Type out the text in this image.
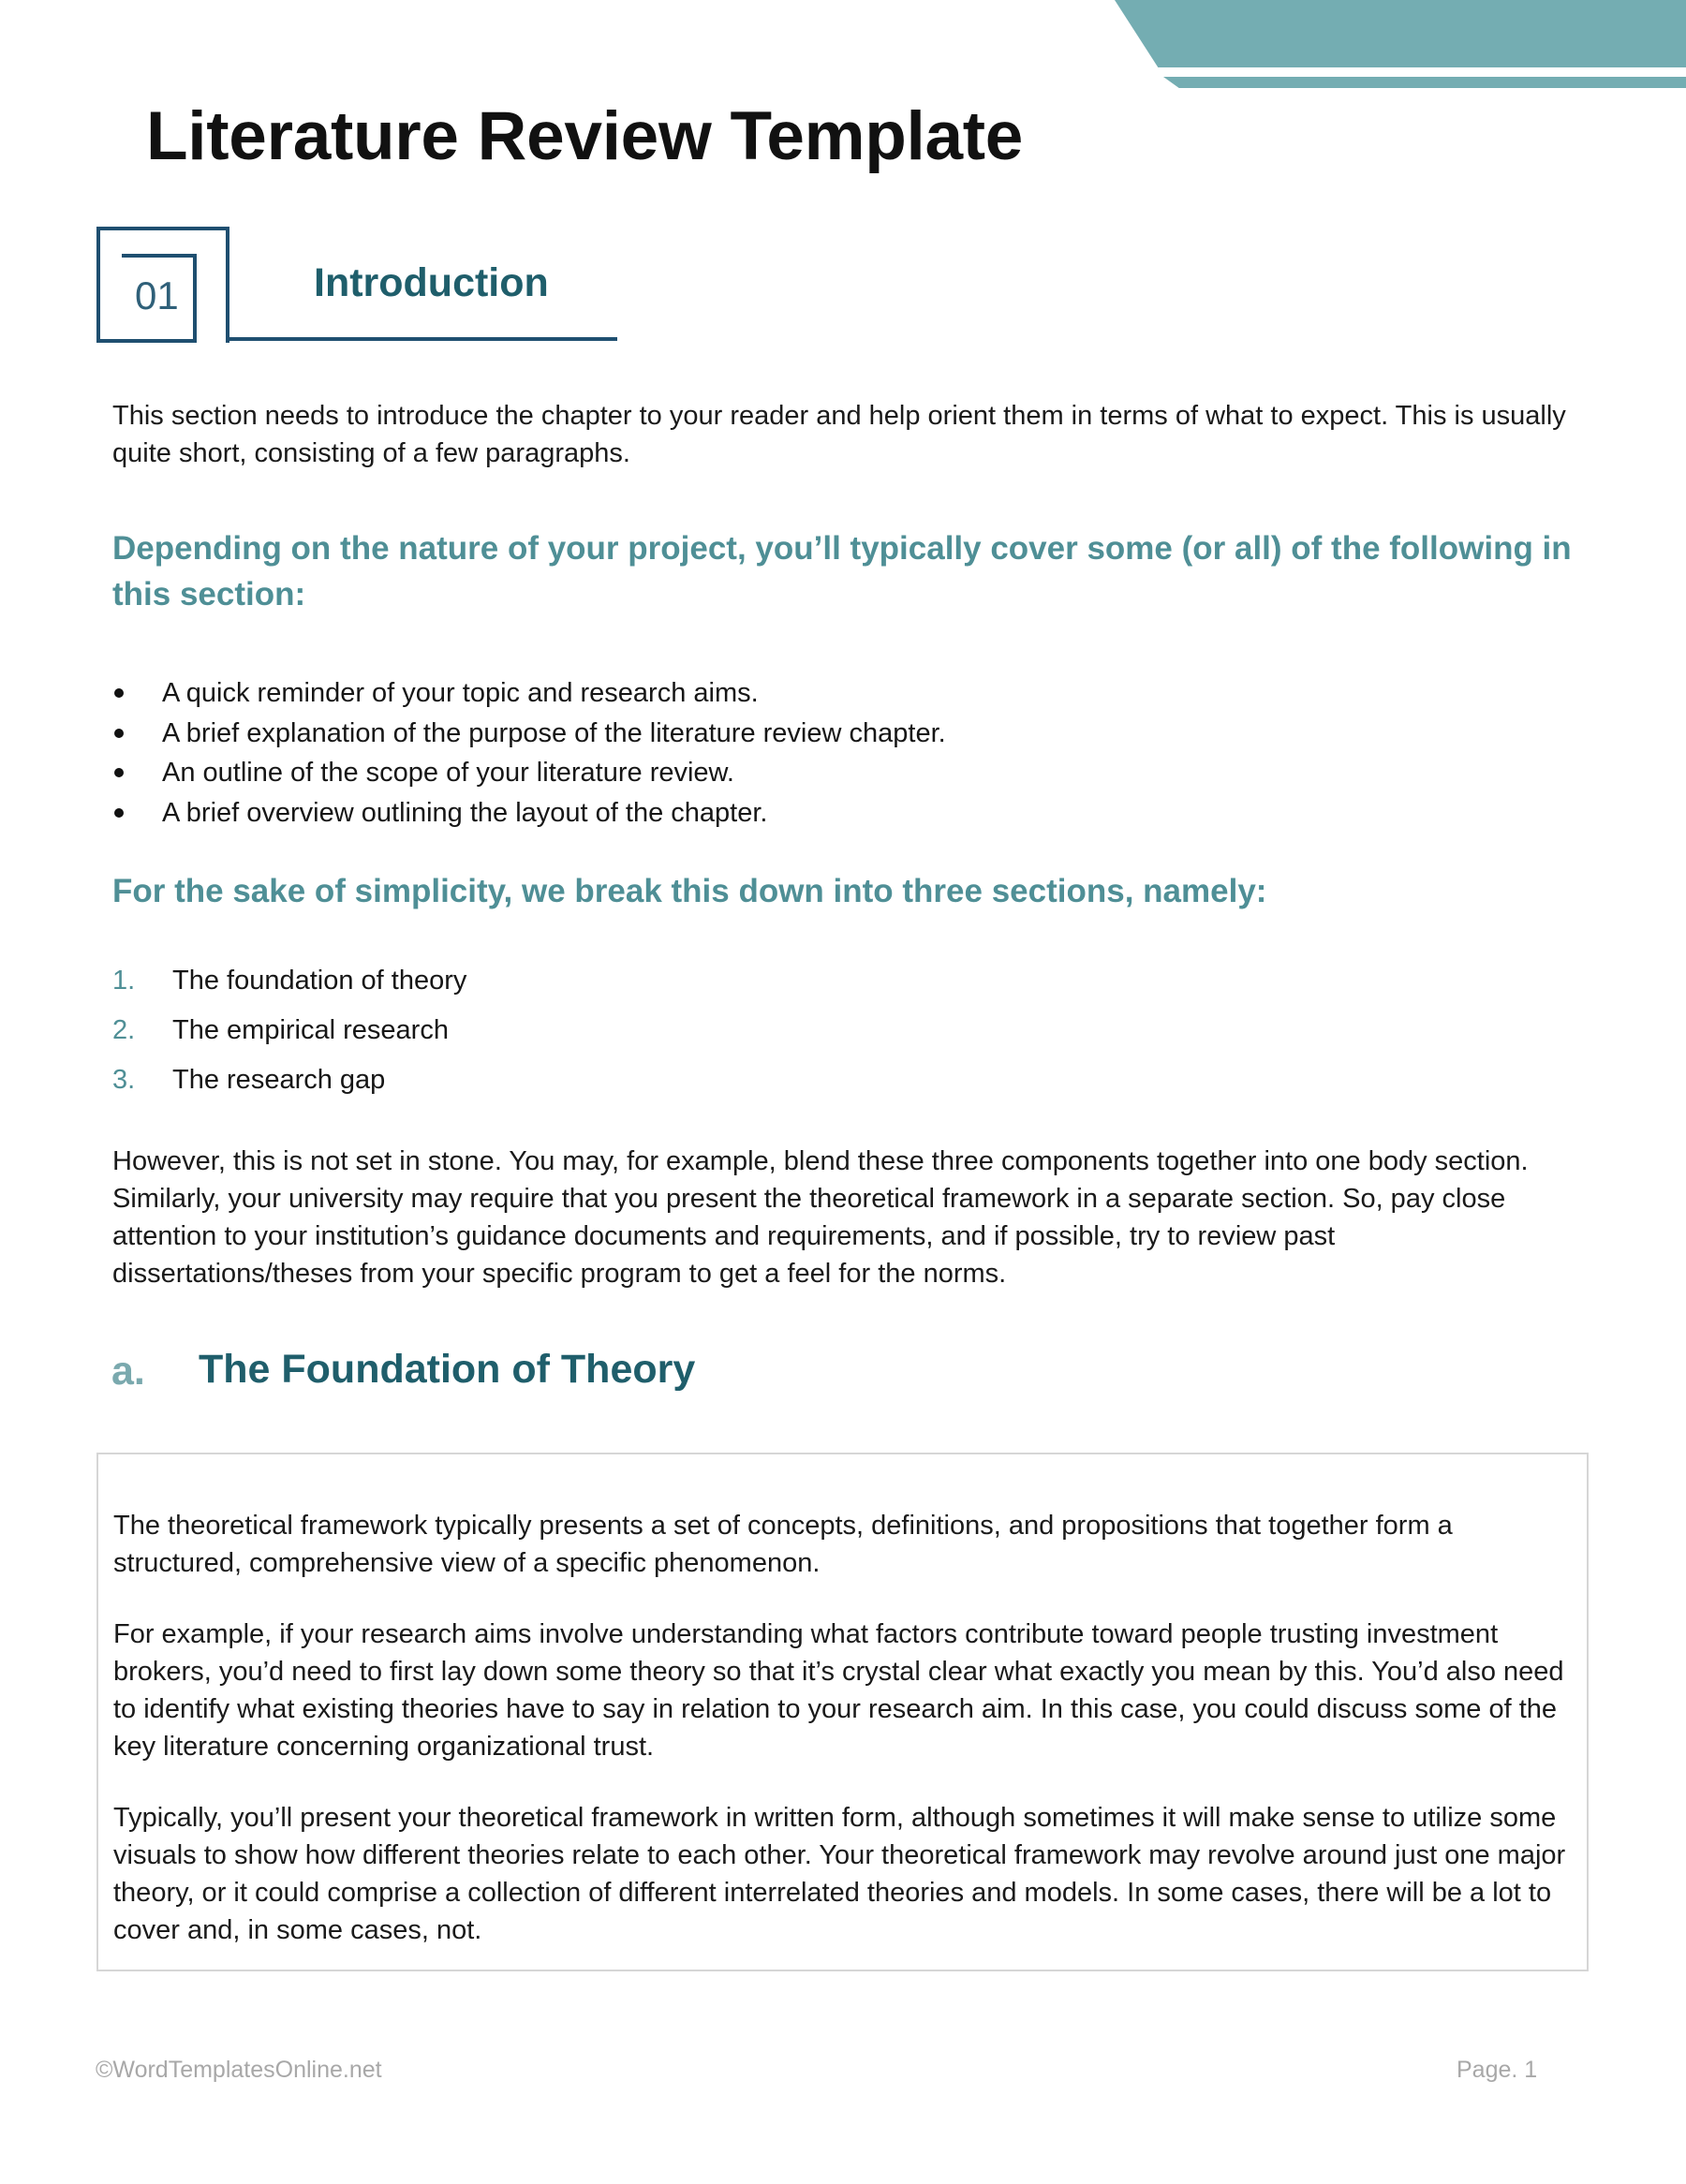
Literature Review Template
01	Introduction

This section needs to introduce the chapter to your reader and help orient them in terms of what to expect. This is usually quite short, consisting of a few paragraphs.

Depending on the nature of your project, you’ll typically cover some (or all) of the following in this section:
A quick reminder of your topic and research aims.
A brief explanation of the purpose of the literature review chapter.
An outline of the scope of your literature review.
A brief overview outlining the layout of the chapter.
For the sake of simplicity, we break this down into three sections, namely:
1. The foundation of theory
2. The empirical research
3. The research gap

However, this is not set in stone. You may, for example, blend these three components together into one body section. Similarly, your university may require that you present the theoretical framework in a separate section. So, pay close attention to your institution’s guidance documents and requirements, and if possible, try to review past dissertations/theses from your specific program to get a feel for the norms.

a. The Foundation of Theory

The theoretical framework typically presents a set of concepts, definitions, and propositions that together form a structured, comprehensive view of a specific phenomenon.

For example, if your research aims involve understanding what factors contribute toward people trusting investment brokers, you’d need to first lay down some theory so that it’s crystal clear what exactly you mean by this. You’d also need to identify what existing theories have to say in relation to your research aim. In this case, you could discuss some of the key literature concerning organizational trust.

Typically, you’ll present your theoretical framework in written form, although sometimes it will make sense to utilize some visuals to show how different theories relate to each other. Your theoretical framework may revolve around just one major theory, or it could comprise a collection of different interrelated theories and models. In some cases, there will be a lot to cover and, in some cases, not.

©WordTemplatesOnline.net	Page. 1
